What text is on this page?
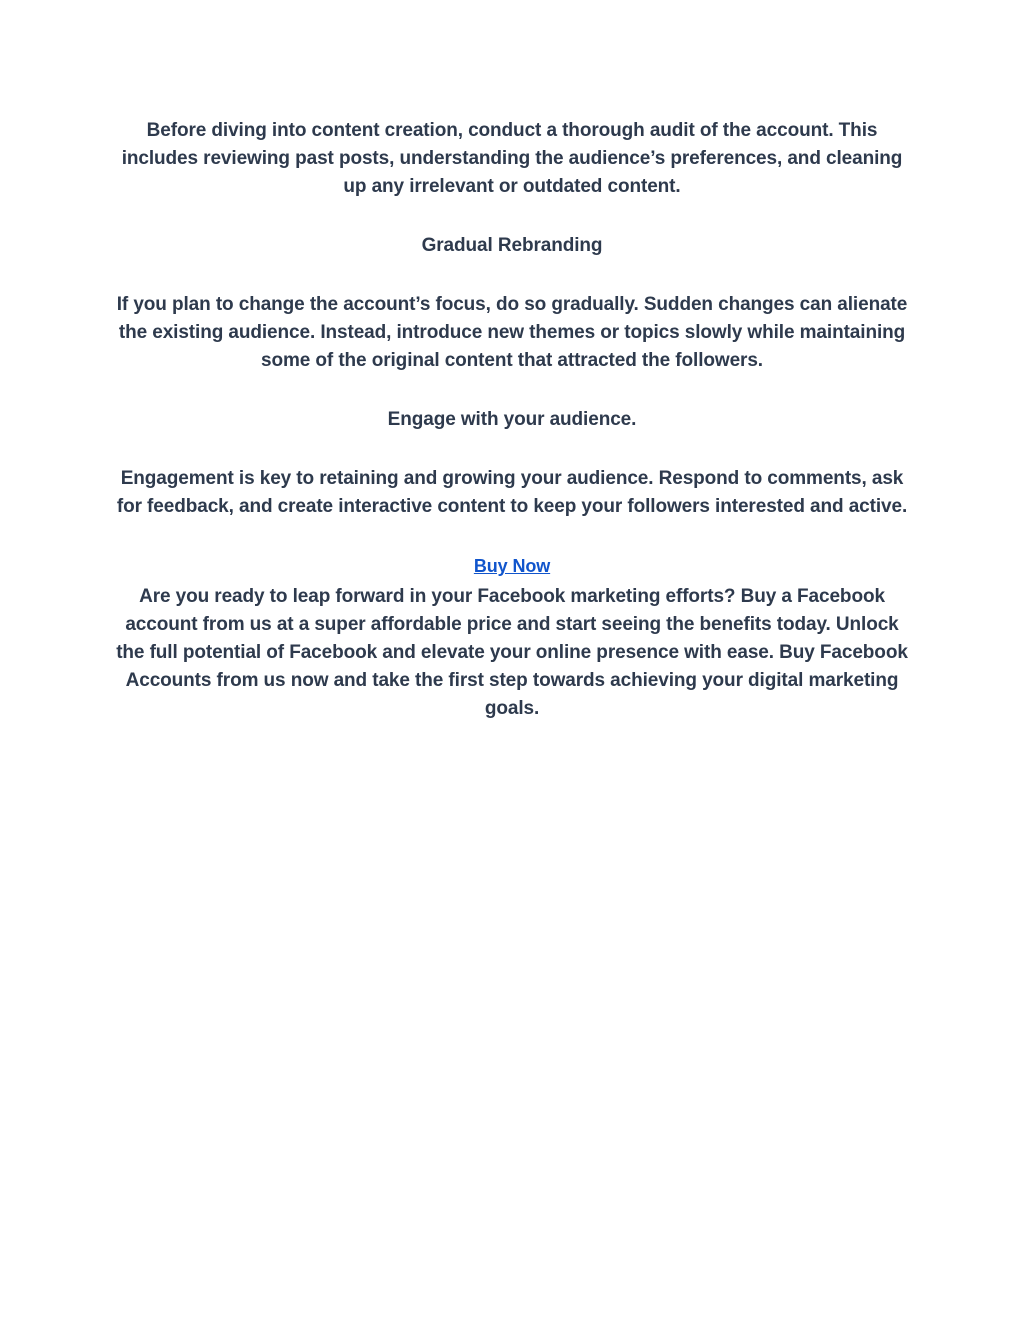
Before diving into content creation, conduct a thorough audit of the account. This includes reviewing past posts, understanding the audience’s preferences, and cleaning up any irrelevant or outdated content.

Gradual Rebranding

If you plan to change the account’s focus, do so gradually. Sudden changes can alienate the existing audience. Instead, introduce new themes or topics slowly while maintaining some of the original content that attracted the followers.

Engage with your audience.

Engagement is key to retaining and growing your audience. Respond to comments, ask for feedback, and create interactive content to keep your followers interested and active.

Buy Now

Are you ready to leap forward in your Facebook marketing efforts? Buy a Facebook account from us at a super affordable price and start seeing the benefits today. Unlock the full potential of Facebook and elevate your online presence with ease. Buy Facebook Accounts from us now and take the first step towards achieving your digital marketing goals.
